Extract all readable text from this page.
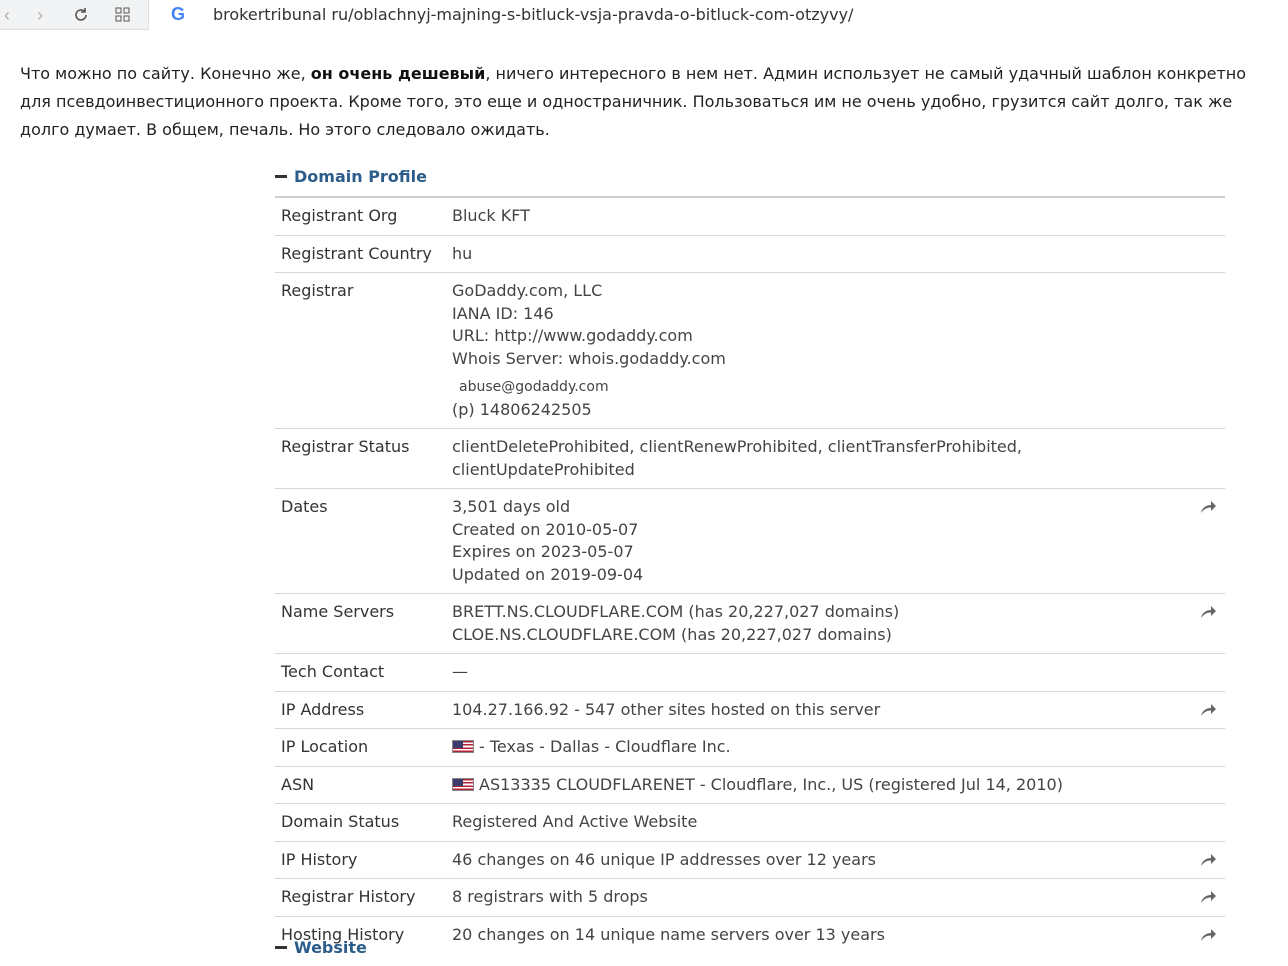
‹	›	G	brokertribunal ru/oblachnyj-majning-s-bitluck-vsja-pravda-o-bitluck-com-otzyvy/

Что можно по сайту. Конечно же, он очень дешевый, ничего интересного в нем нет. Админ использует не самый удачный шаблон конкретно для псевдоинвестиционного проекта. Кроме того, это еще и одностраничник. Пользоваться им не очень удобно, грузится сайт долго, так же долго думает. В общем, печаль. Но этого следовало ожидать.

Domain Profile
Registrant Org	Bluck KFT
Registrant Country	hu
Registrar	GoDaddy.com, LLC
IANA ID: 146
URL: http://www.godaddy.com
Whois Server: whois.godaddy.com
abuse@godaddy.com
(p) 14806242505
Registrar Status	clientDeleteProhibited, clientRenewProhibited, clientTransferProhibited,
clientUpdateProhibited
Dates	3,501 days old
Created on 2010-05-07
Expires on 2023-05-07
Updated on 2019-09-04
Name Servers	BRETT.NS.CLOUDFLARE.COM (has 20,227,027 domains)
CLOE.NS.CLOUDFLARE.COM (has 20,227,027 domains)
Tech Contact	—
IP Address	104.27.166.92 - 547 other sites hosted on this server
IP Location	- Texas - Dallas - Cloudflare Inc.
ASN	AS13335 CLOUDFLARENET - Cloudflare, Inc., US (registered Jul 14, 2010)
Domain Status	Registered And Active Website
IP History	46 changes on 46 unique IP addresses over 12 years
Registrar History	8 registrars with 5 drops
Hosting History	20 changes on 14 unique name servers over 13 years
Website
